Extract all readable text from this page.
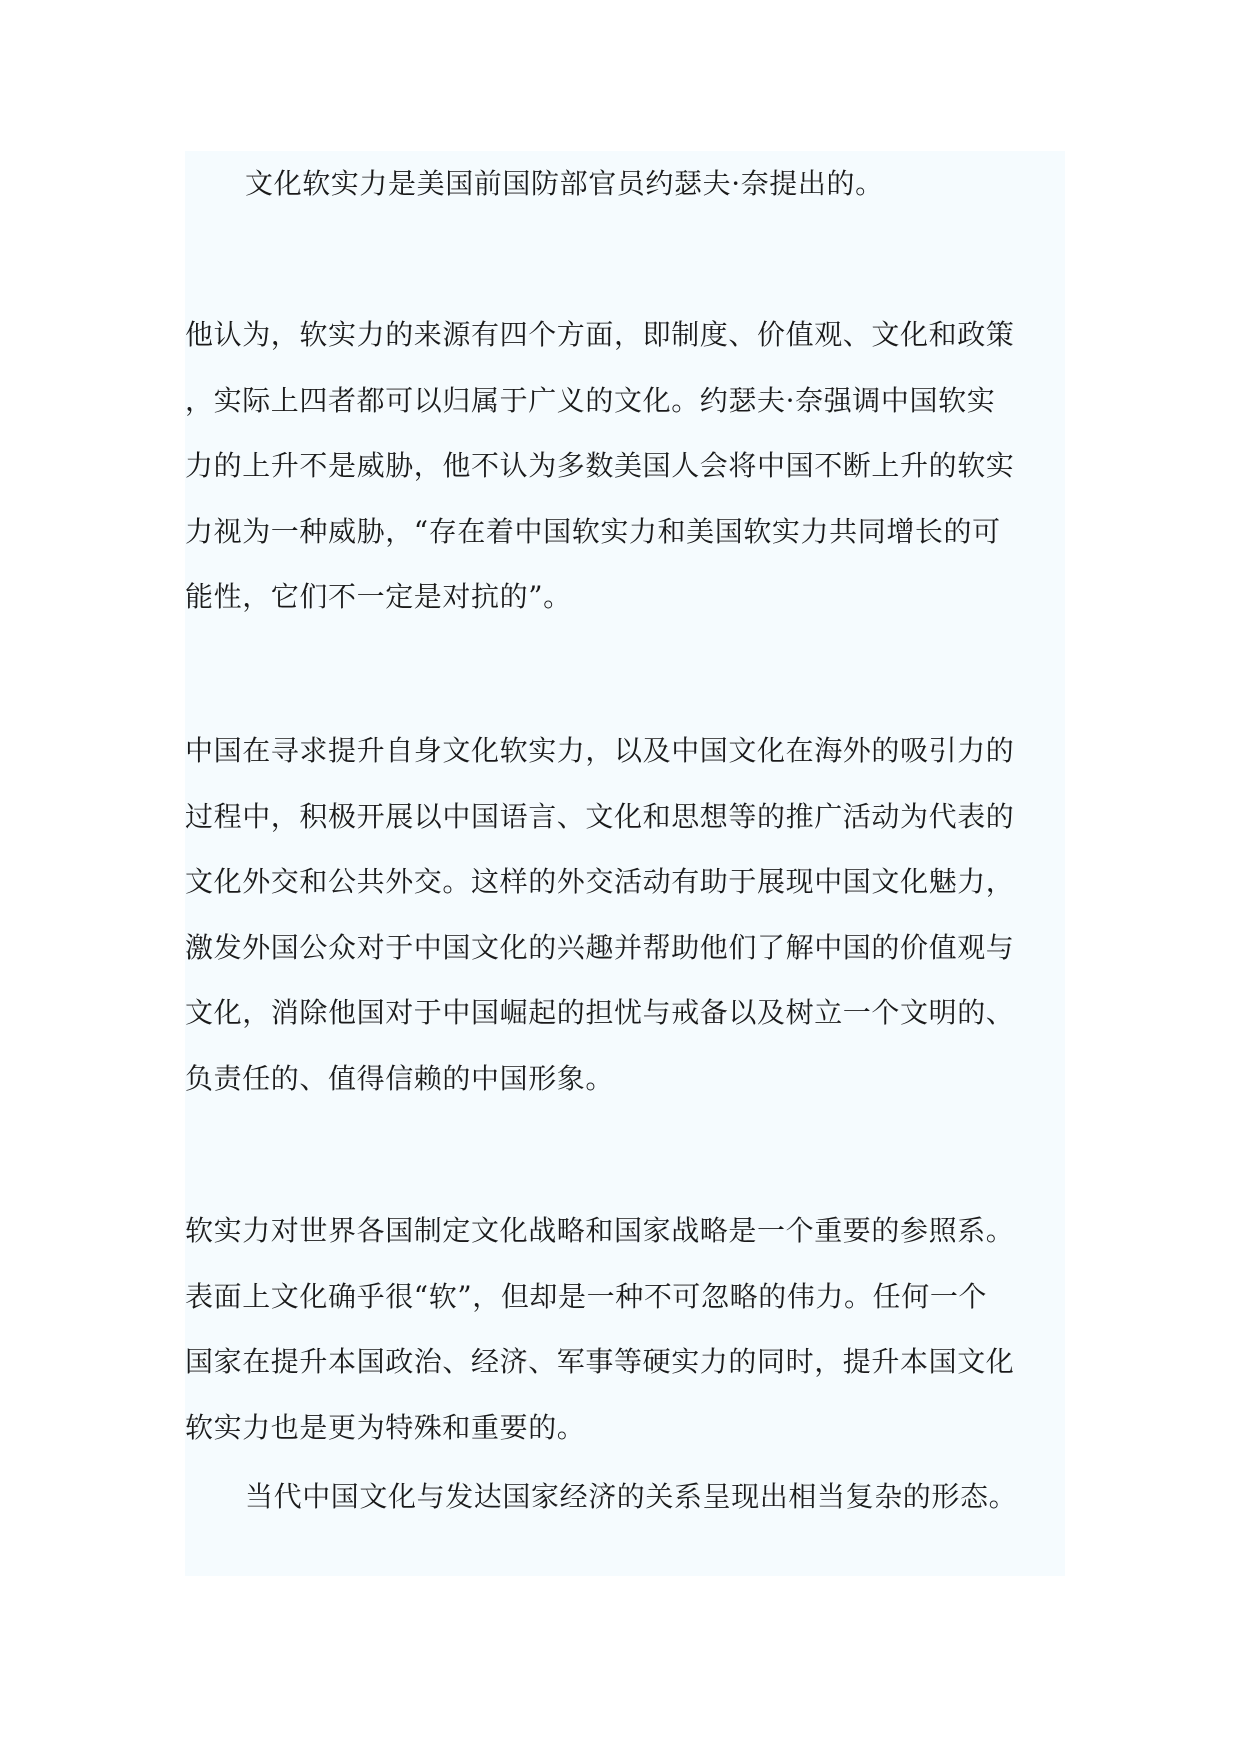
文化软实力是美国前国防部官员约瑟夫·奈提出的。

他认为，软实力的来源有四个方面，即制度、价值观、文化和政策
，实际上四者都可以归属于广义的文化。约瑟夫·奈强调中国软实
力的上升不是威胁，他不认为多数美国人会将中国不断上升的软实
力视为一种威胁，“存在着中国软实力和美国软实力共同增长的可
能性，它们不一定是对抗的”。

中国在寻求提升自身文化软实力，以及中国文化在海外的吸引力的
过程中，积极开展以中国语言、文化和思想等的推广活动为代表的
文化外交和公共外交。这样的外交活动有助于展现中国文化魅力，
激发外国公众对于中国文化的兴趣并帮助他们了解中国的价值观与
文化，消除他国对于中国崛起的担忧与戒备以及树立一个文明的、
负责任的、值得信赖的中国形象。

软实力对世界各国制定文化战略和国家战略是一个重要的参照系。
表面上文化确乎很“软”，但却是一种不可忽略的伟力。任何一个
国家在提升本国政治、经济、军事等硬实力的同时，提升本国文化
软实力也是更为特殊和重要的。

当代中国文化与发达国家经济的关系呈现出相当复杂的形态。
